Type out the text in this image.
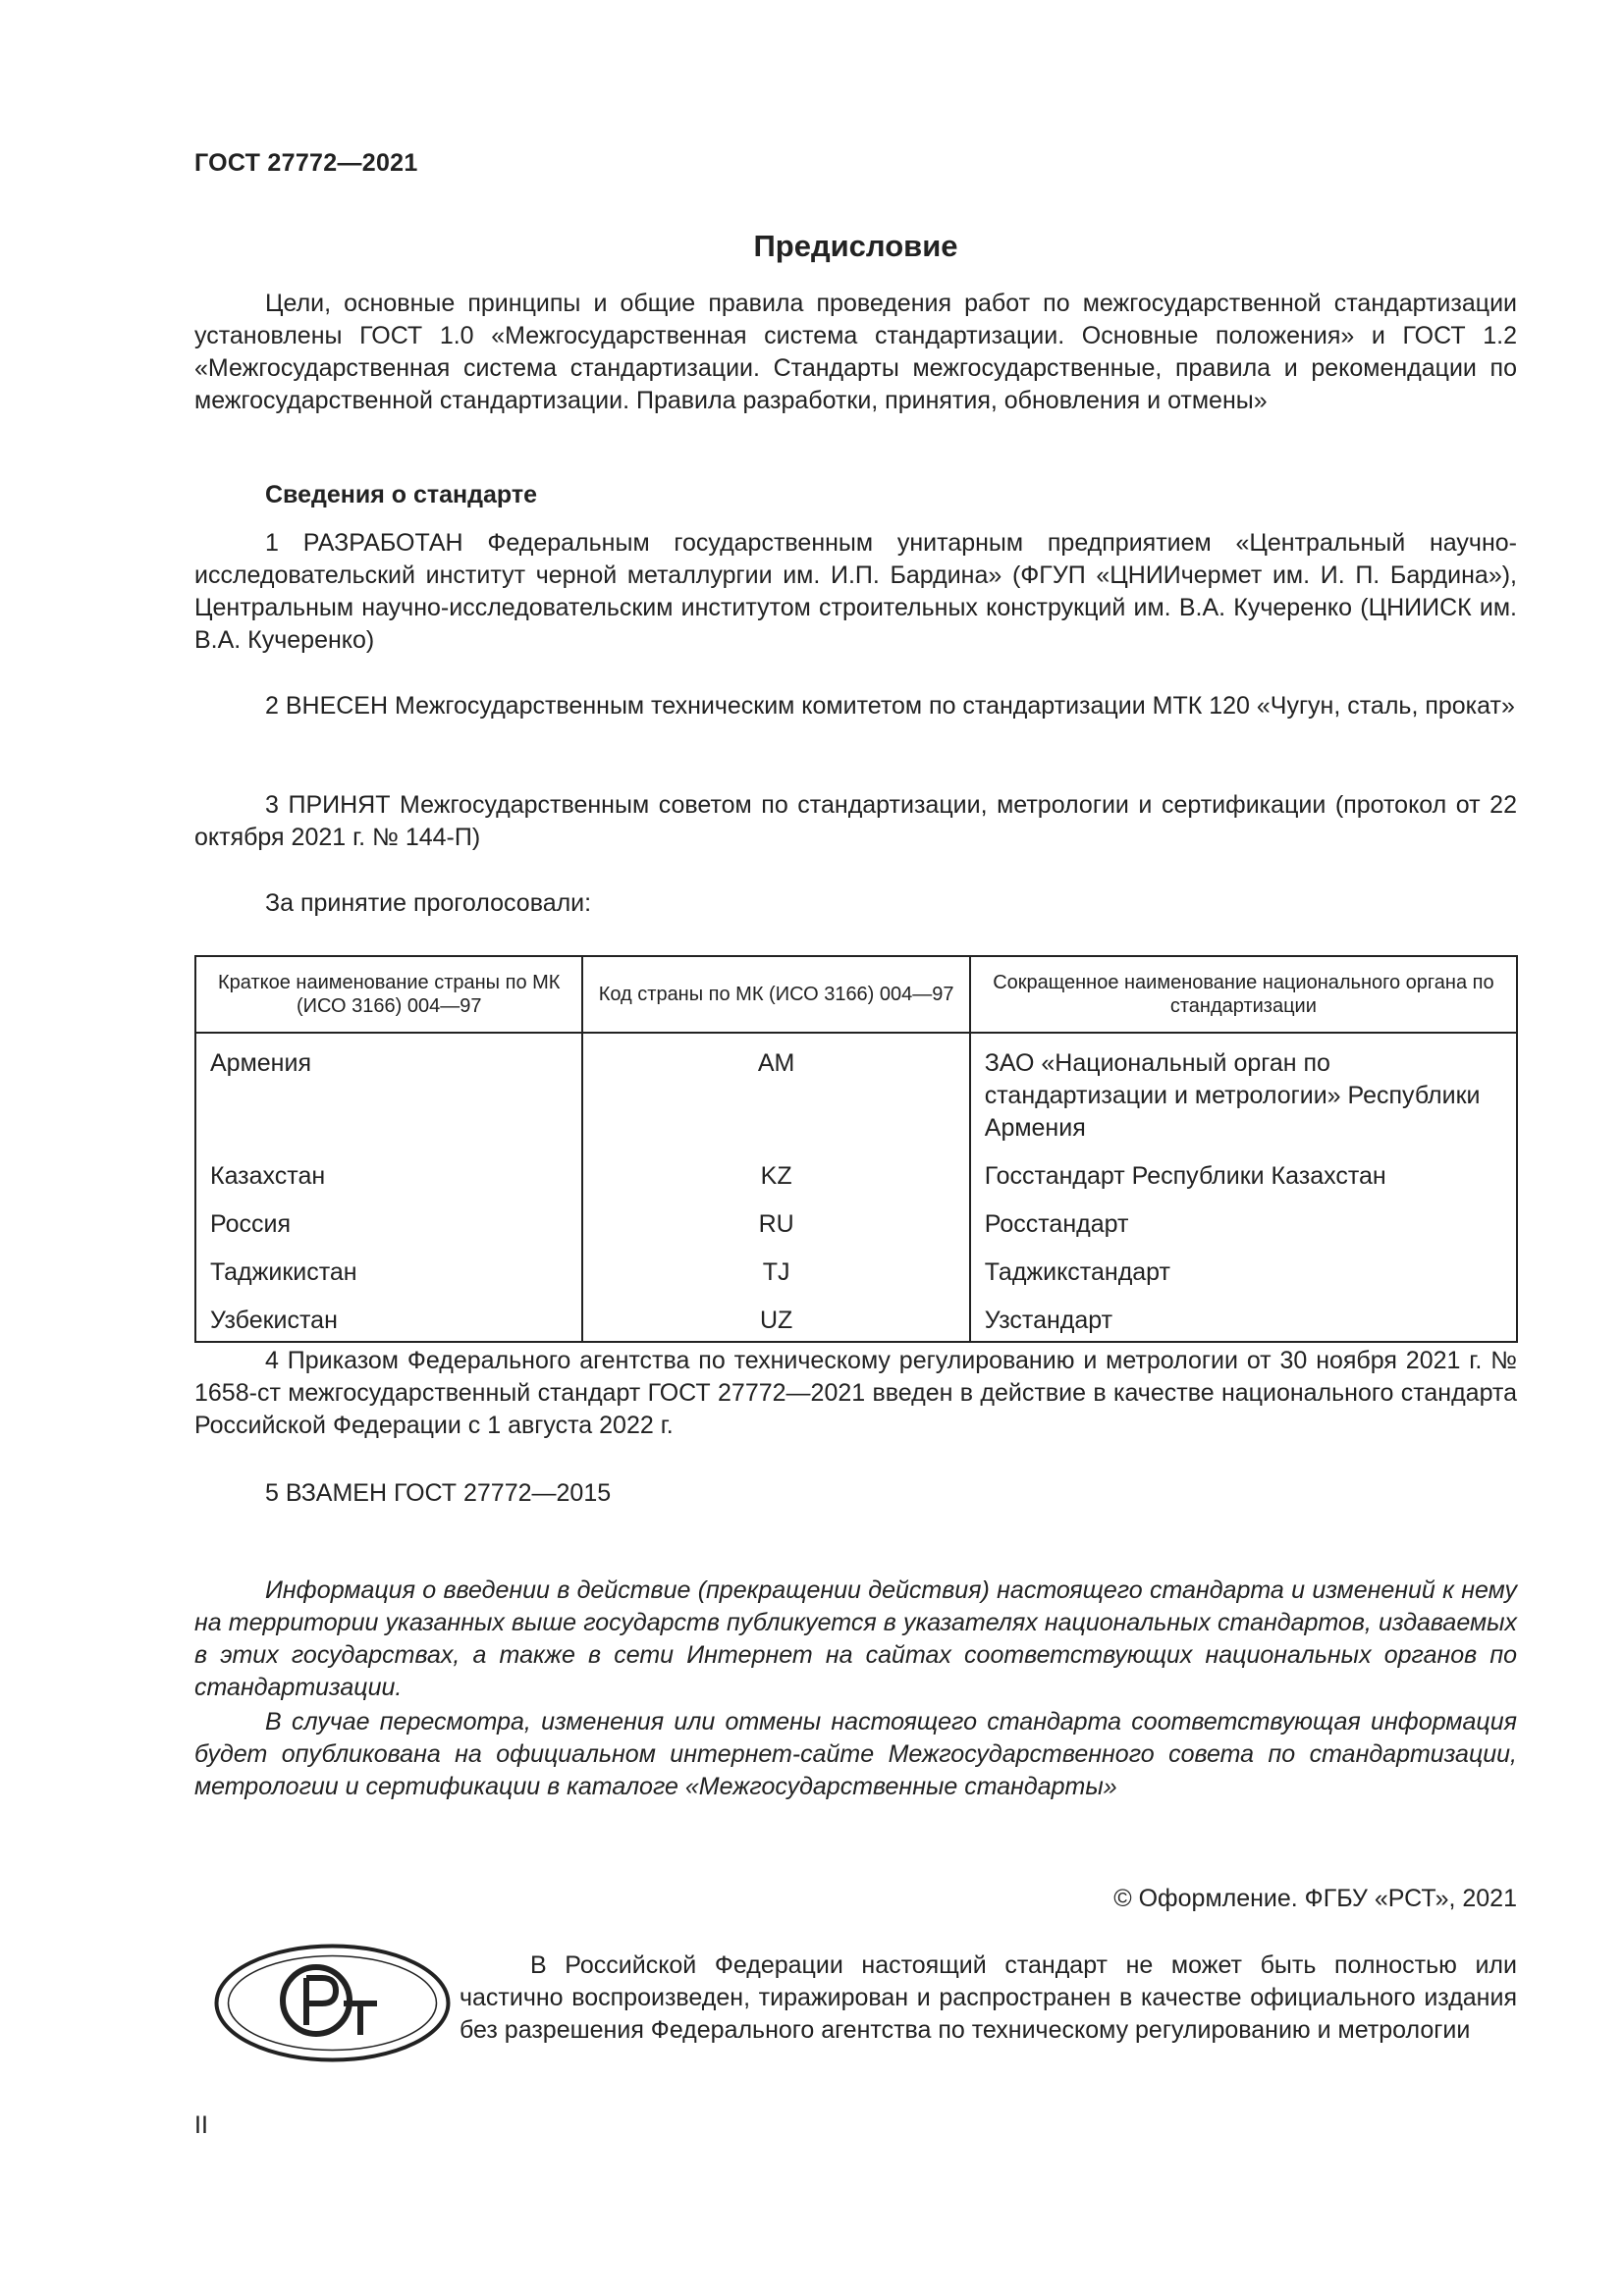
ГОСТ 27772—2021
Предисловие
Цели, основные принципы и общие правила проведения работ по межгосударственной стандартизации установлены ГОСТ 1.0 «Межгосударственная система стандартизации. Основные положения» и ГОСТ 1.2 «Межгосударственная система стандартизации. Стандарты межгосударственные, правила и рекомендации по межгосударственной стандартизации. Правила разработки, принятия, обновления и отмены»
Сведения о стандарте
1 РАЗРАБОТАН Федеральным государственным унитарным предприятием «Центральный научно-исследовательский институт черной металлургии им. И.П. Бардина» (ФГУП «ЦНИИчермет им. И. П. Бардина»), Центральным научно-исследовательским институтом строительных конструкций им. В.А. Кучеренко (ЦНИИСК им. В.А. Кучеренко)
2 ВНЕСЕН Межгосударственным техническим комитетом по стандартизации МТК 120 «Чугун, сталь, прокат»
3 ПРИНЯТ Межгосударственным советом по стандартизации, метрологии и сертификации (протокол от 22 октября 2021 г. № 144-П)
За принятие проголосовали:
Краткое наименование страны по МК (ИСО 3166) 004—97	Код страны по МК (ИСО 3166) 004—97	Сокращенное наименование национального органа по стандартизации
Армения	AM	ЗАО «Национальный орган по стандартизации и метрологии» Республики Армения
Казахстан	KZ	Госстандарт Республики Казахстан
Россия	RU	Росстандарт
Таджикистан	TJ	Таджикстандарт
Узбекистан	UZ	Узстандарт
4 Приказом Федерального агентства по техническому регулированию и метрологии от 30 ноября 2021 г. № 1658-ст межгосударственный стандарт ГОСТ 27772—2021 введен в действие в качестве национального стандарта Российской Федерации с 1 августа 2022 г.
5 ВЗАМЕН ГОСТ 27772—2015
Информация о введении в действие (прекращении действия) настоящего стандарта и изменений к нему на территории указанных выше государств публикуется в указателях национальных стандартов, издаваемых в этих государствах, а также в сети Интернет на сайтах соответствующих национальных органов по стандартизации.
В случае пересмотра, изменения или отмены настоящего стандарта соответствующая информация будет опубликована на официальном интернет-сайте Межгосударственного совета по стандартизации, метрологии и сертификации в каталоге «Межгосударственные стандарты»
© Оформление. ФГБУ «РСТ», 2021
В Российской Федерации настоящий стандарт не может быть полностью или частично воспроизведен, тиражирован и распространен в качестве официального издания без разрешения Федерального агентства по техническому регулированию и метрологии
II
